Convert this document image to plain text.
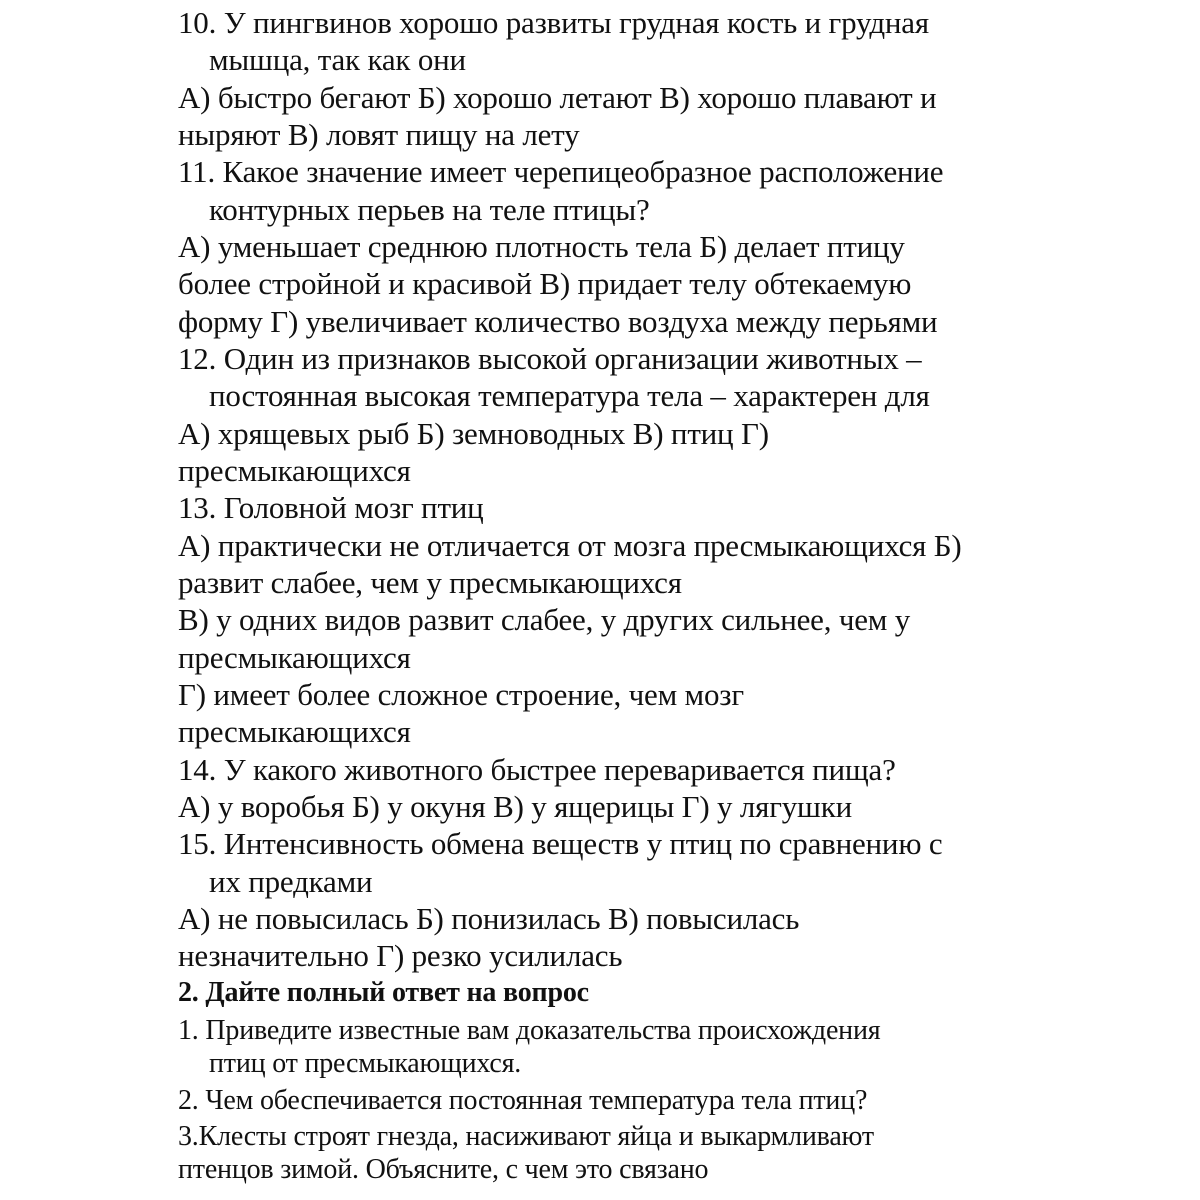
10. У пингвинов хорошо развиты грудная кость и грудная
мышца, так как они
А) быстро бегают Б) хорошо летают В) хорошо плавают и
ныряют В) ловят пищу на лету
11. Какое значение имеет черепицеобразное расположение
контурных перьев на теле птицы?
А) уменьшает среднюю плотность тела Б) делает птицу
более стройной и красивой В) придает телу обтекаемую
форму Г) увеличивает количество воздуха между перьями
12. Один из признаков высокой организации животных –
постоянная высокая температура тела – характерен для
А) хрящевых рыб Б) земноводных В) птиц Г)
пресмыкающихся
13. Головной мозг птиц
А) практически не отличается от мозга пресмыкающихся Б)
развит слабее, чем у пресмыкающихся
В) у одних видов развит слабее, у других сильнее, чем у
пресмыкающихся
Г) имеет более сложное строение, чем мозг
пресмыкающихся
14. У какого животного быстрее переваривается пища?
А) у воробья Б) у окуня В) у ящерицы Г) у лягушки
15. Интенсивность обмена веществ у птиц по сравнению с
их предками
А) не повысилась Б) понизилась В) повысилась
незначительно Г) резко усилилась
2. Дайте полный ответ на вопрос
1. Приведите известные вам доказательства происхождения
птиц от пресмыкающихся.
2. Чем обеспечивается постоянная температура тела птиц?
3.Клесты строят гнезда, насиживают яйца и выкармливают
птенцов зимой. Объясните, с чем это связано
